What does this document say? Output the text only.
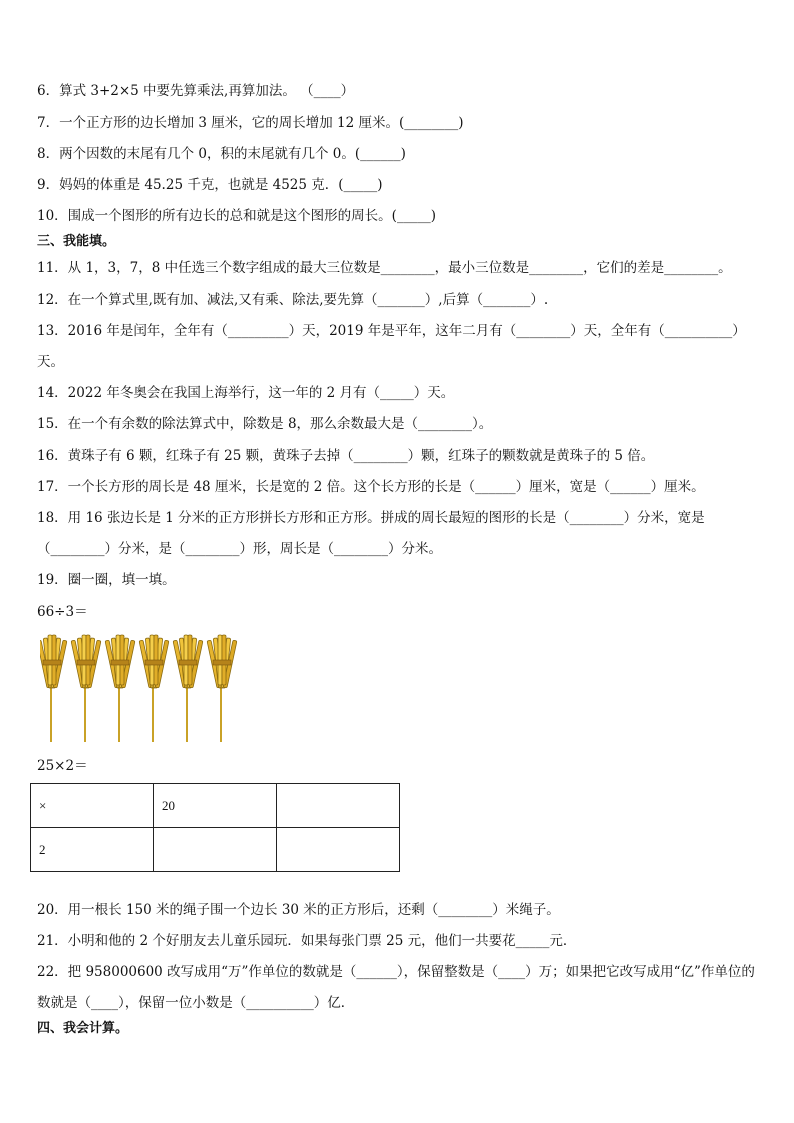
6．算式 3+2×5 中要先算乘法,再算加法。 （____）
7．一个正方形的边长增加 3 厘米，它的周长增加 12 厘米。(________)
8．两个因数的末尾有几个 0，积的末尾就有几个 0。(______)
9．妈妈的体重是 45.25 千克，也就是 4525 克．(_____)
10．围成一个图形的所有边长的总和就是这个图形的周长。(_____)
三、我能填。
11．从 1，3，7，8 中任选三个数字组成的最大三位数是________，最小三位数是________，它们的差是________。
12．在一个算式里,既有加、减法,又有乘、除法,要先算（_______）,后算（_______）.
13．2016 年是闰年，全年有（_________）天，2019 年是平年，这年二月有（________）天，全年有（__________）
天。
14．2022 年冬奥会在我国上海举行，这一年的 2 月有（_____）天。
15．在一个有余数的除法算式中，除数是 8，那么余数最大是（________）。
16．黄珠子有 6 颗，红珠子有 25 颗，黄珠子去掉（________）颗，红珠子的颗数就是黄珠子的 5 倍。
17．一个长方形的周长是 48 厘米，长是宽的 2 倍。这个长方形的长是（______）厘米，宽是（______）厘米。
18．用 16 张边长是 1 分米的正方形拼长方形和正方形。拼成的周长最短的图形的长是（________）分米，宽是
（________）分米，是（________）形，周长是（________）分米。
19．圈一圈，填一填。
66÷3＝
25×2＝
×	20	
2		
20．用一根长 150 米的绳子围一个边长 30 米的正方形后，还剩（________）米绳子。
21．小明和他的 2 个好朋友去儿童乐园玩．如果每张门票 25 元，他们一共要花_____元．
22．把 958000600 改写成用“万”作单位的数就是（______），保留整数是（____）万；如果把它改写成用“亿”作单位的
数就是（____），保留一位小数是（__________）亿．
四、我会计算。
